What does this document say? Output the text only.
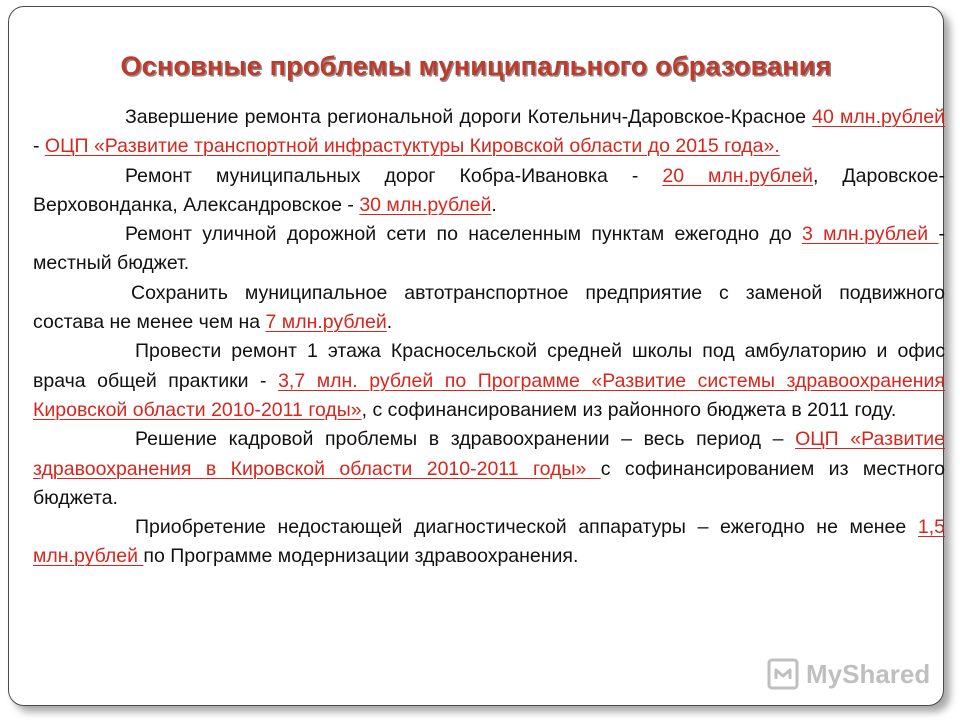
Основные проблемы муниципального образования

Завершение ремонта региональной дороги Котельнич-Даровское-Красное 40 млн.рублей - ОЦП «Развитие транспортной инфрастуктуры Кировской области до 2015 года».

Ремонт муниципальных дорог Кобра-Ивановка - 20 млн.рублей, Даровское-Верховонданка, Александровское - 30 млн.рублей.

Ремонт уличной дорожной сети по населенным пунктам ежегодно до 3 млн.рублей - местный бюджет.

Сохранить муниципальное автотранспортное предприятие с заменой подвижного состава не менее чем на 7 млн.рублей.

Провести ремонт 1 этажа Красносельской средней школы под амбулаторию и офис врача общей практики - 3,7 млн. рублей по Программе «Развитие системы здравоохранения Кировской области 2010-2011 годы», с софинансированием из районного бюджета в 2011 году.

Решение кадровой проблемы в здравоохранении – весь период – ОЦП «Развитие здравоохранения в Кировской области 2010-2011 годы» с софинансированием из местного бюджета.

Приобретение недостающей диагностической аппаратуры – ежегодно не менее 1,5 млн.рублей по Программе модернизации здравоохранения.

MyShared
